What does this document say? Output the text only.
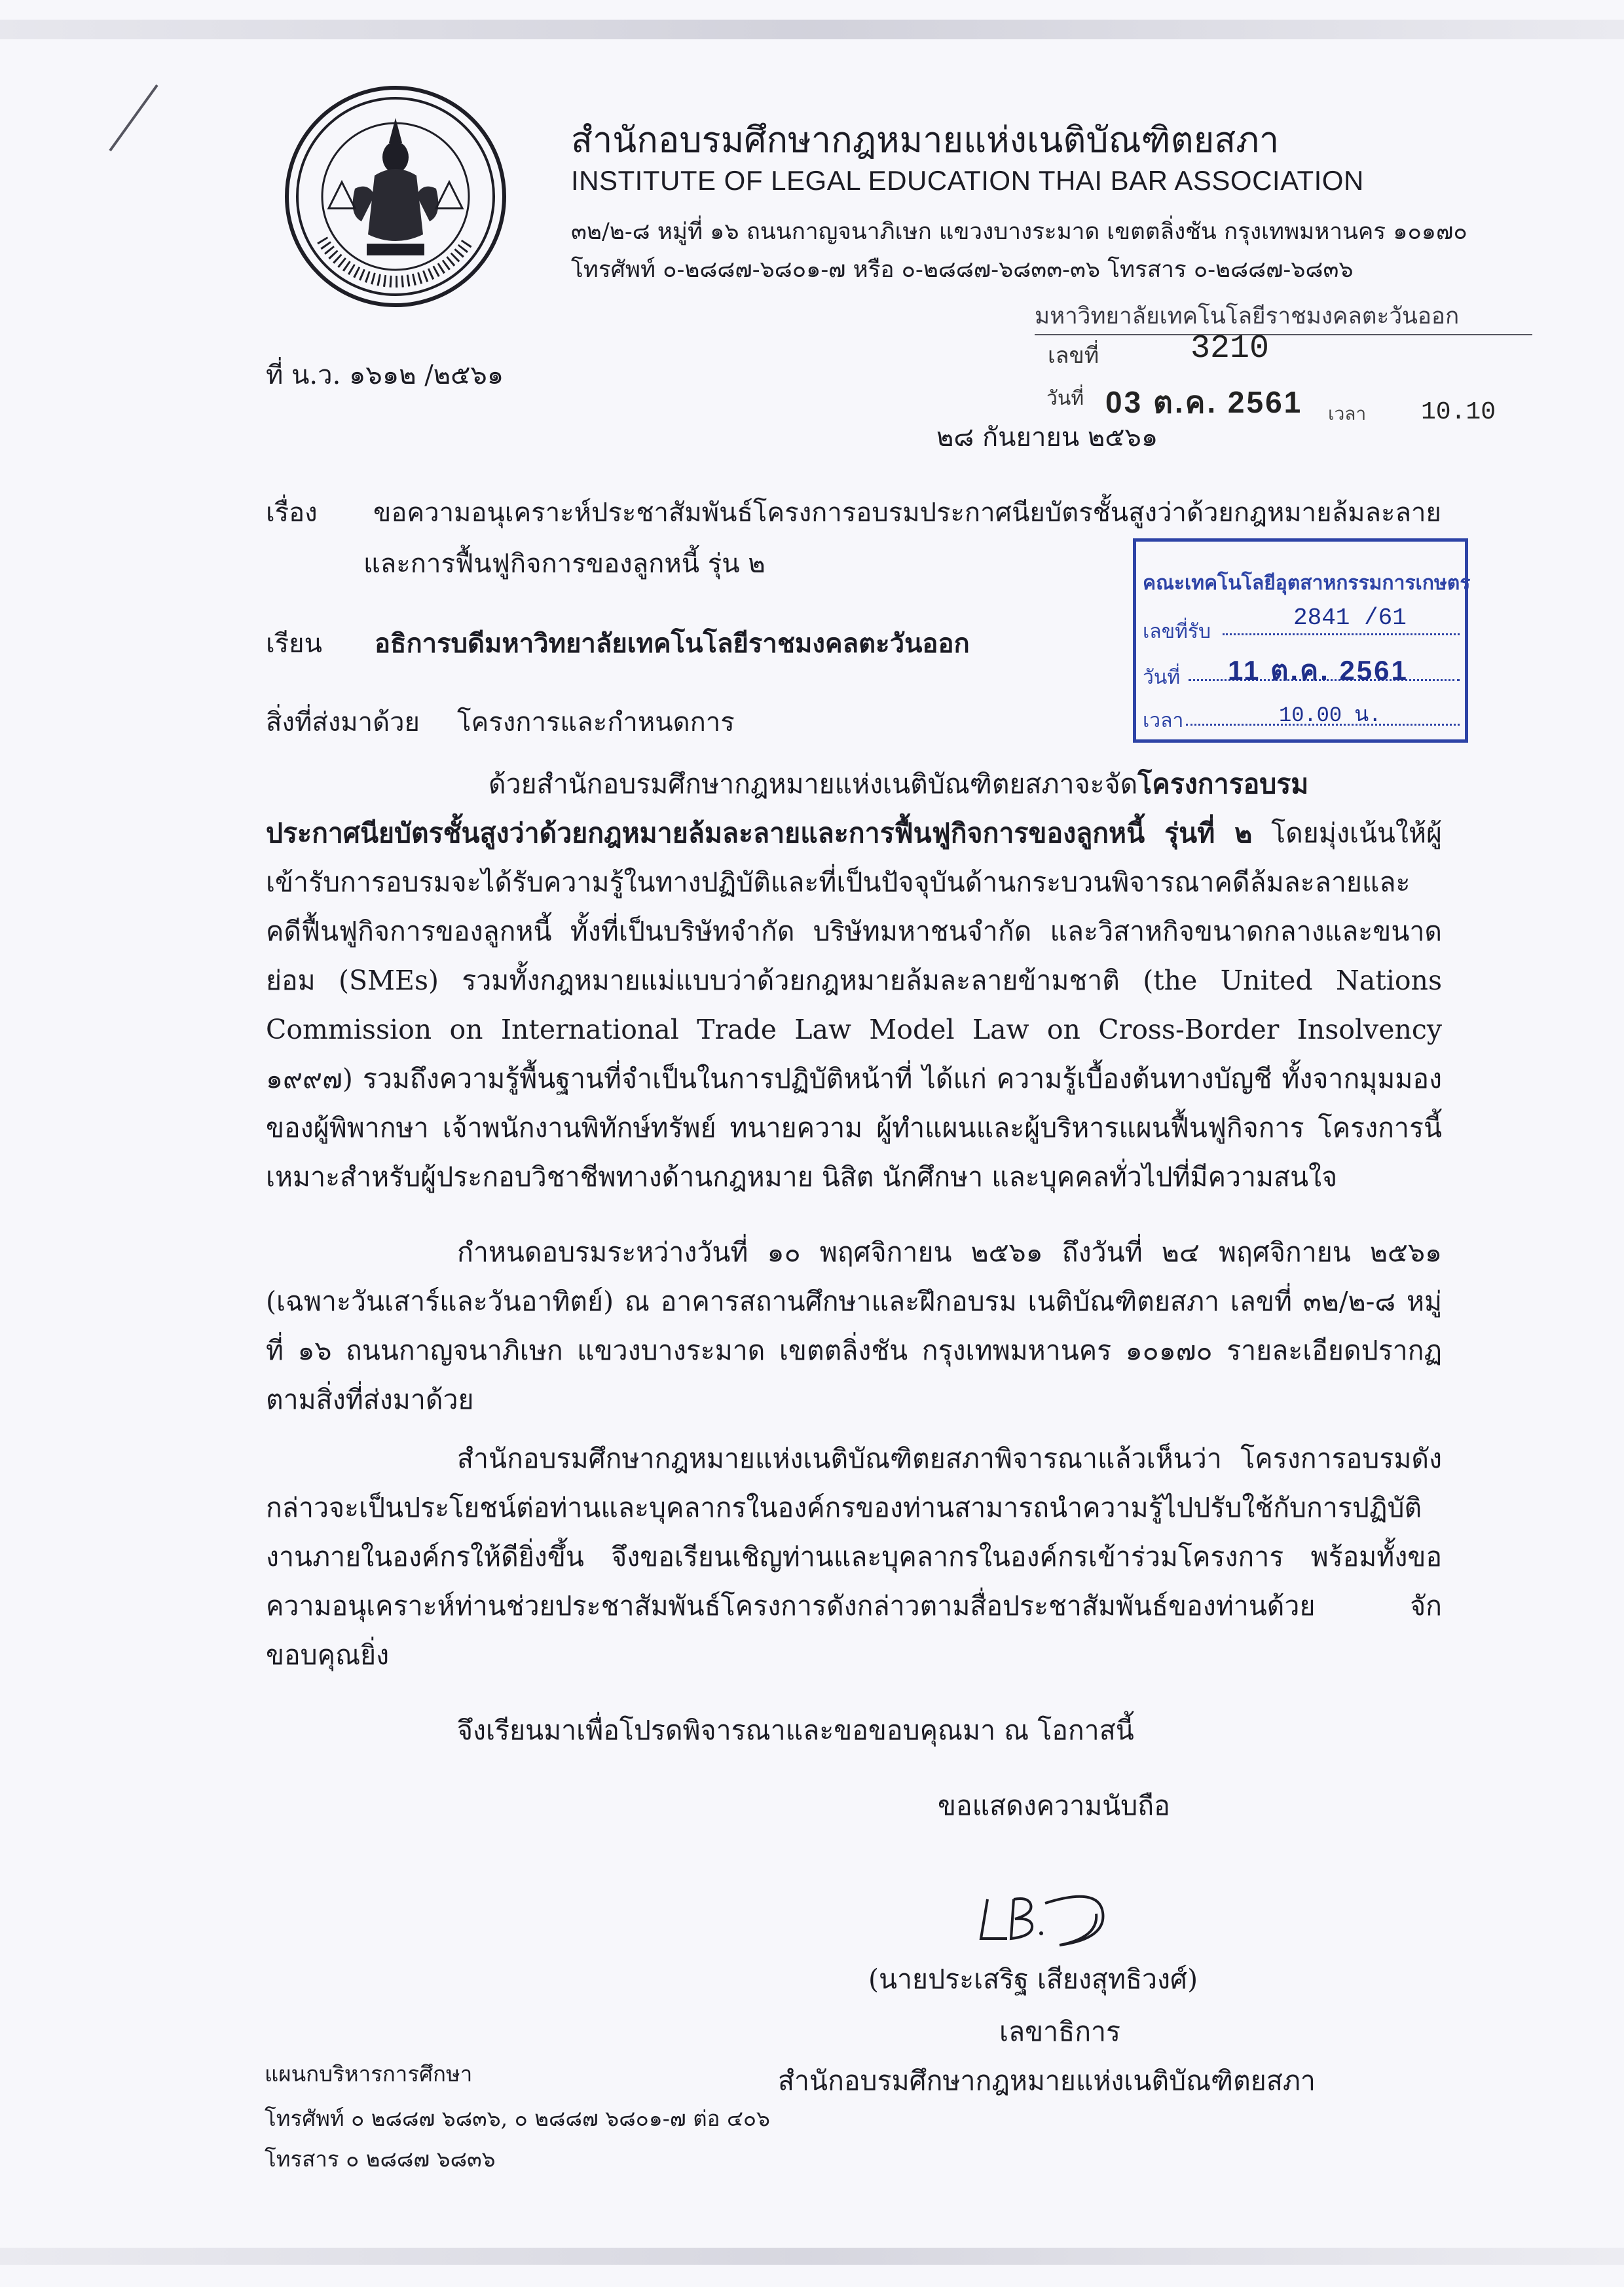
สำนักอบรมศึกษากฎหมายแห่งเนติบัณฑิตยสภา
INSTITUTE OF LEGAL EDUCATION THAI BAR ASSOCIATION
๓๒/๒-๘ หมู่ที่ ๑๖ ถนนกาญจนาภิเษก แขวงบางระมาด เขตตลิ่งชัน กรุงเทพมหานคร ๑๐๑๗๐
โทรศัพท์ ๐-๒๘๘๗-๖๘๐๑-๗ หรือ ๐-๒๘๘๗-๖๘๓๓-๓๖ โทรสาร ๐-๒๘๘๗-๖๘๓๖
มหาวิทยาลัยเทคโนโลยีราชมงคลตะวันออก
เลขที่	3210
วันที่ 03 ต.ค. 2561 เวลา 10.10
ที่ น.ว. ๑๖๑๒ /๒๕๖๑
๒๘ กันยายน ๒๕๖๑
เรื่อง ขอความอนุเคราะห์ประชาสัมพันธ์โครงการอบรมประกาศนียบัตรชั้นสูงว่าด้วยกฎหมายล้มละลาย
และการฟื้นฟูกิจการของลูกหนี้ รุ่น ๒
เรียน อธิการบดีมหาวิทยาลัยเทคโนโลยีราชมงคลตะวันออก
สิ่งที่ส่งมาด้วย โครงการและกำหนดการ
คณะเทคโนโลยีอุตสาหกรรมการเกษตร
เลขที่รับ
2841 /61
วันที่ 11 ต.ค. 2561
เวลา	10.00 น.
ด้วยสำนักอบรมศึกษากฎหมายแห่งเนติบัณฑิตยสภาจะจัดโครงการอบรมประกาศนียบัตรชั้นสูงว่าด้วยกฎหมายล้มละลายและการฟื้นฟูกิจการของลูกหนี้ รุ่นที่ ๒ โดยมุ่งเน้นให้ผู้เข้ารับการอบรมจะได้รับความรู้ในทางปฏิบัติและที่เป็นปัจจุบันด้านกระบวนพิจารณาคดีล้มละลายและคดีฟื้นฟูกิจการของลูกหนี้ ทั้งที่เป็นบริษัทจำกัด บริษัทมหาชนจำกัด และวิสาหกิจขนาดกลางและขนาดย่อม (SMEs) รวมทั้งกฎหมายแม่แบบว่าด้วยกฎหมายล้มละลายข้ามชาติ (the United Nations Commission on International Trade Law Model Law on Cross-Border Insolvency ๑๙๙๗) รวมถึงความรู้พื้นฐานที่จำเป็นในการปฏิบัติหน้าที่ ได้แก่ ความรู้เบื้องต้นทางบัญชี ทั้งจากมุมมองของผู้พิพากษา เจ้าพนักงานพิทักษ์ทรัพย์ ทนายความ ผู้ทำแผนและผู้บริหารแผนฟื้นฟูกิจการ โครงการนี้เหมาะสำหรับผู้ประกอบวิชาชีพทางด้านกฎหมาย นิสิต นักศึกษา และบุคคลทั่วไปที่มีความสนใจ
กำหนดอบรมระหว่างวันที่ ๑๐ พฤศจิกายน ๒๕๖๑ ถึงวันที่ ๒๔ พฤศจิกายน ๒๕๖๑ (เฉพาะวันเสาร์และวันอาทิตย์) ณ อาคารสถานศึกษาและฝึกอบรม เนติบัณฑิตยสภา เลขที่ ๓๒/๒-๘ หมู่ที่ ๑๖ ถนนกาญจนาภิเษก แขวงบางระมาด เขตตลิ่งชัน กรุงเทพมหานคร ๑๐๑๗๐ รายละเอียดปรากฏตามสิ่งที่ส่งมาด้วย
สำนักอบรมศึกษากฎหมายแห่งเนติบัณฑิตยสภาพิจารณาแล้วเห็นว่า โครงการอบรมดังกล่าวจะเป็นประโยชน์ต่อท่านและบุคลากรในองค์กรของท่านสามารถนำความรู้ไปปรับใช้กับการปฏิบัติงานภายในองค์กรให้ดียิ่งขึ้น จึงขอเรียนเชิญท่านและบุคลากรในองค์กรเข้าร่วมโครงการ พร้อมทั้งขอความอนุเคราะห์ท่านช่วยประชาสัมพันธ์โครงการดังกล่าวตามสื่อประชาสัมพันธ์ของท่านด้วย จักขอบคุณยิ่ง
จึงเรียนมาเพื่อโปรดพิจารณาและขอขอบคุณมา ณ โอกาสนี้
ขอแสดงความนับถือ
(นายประเสริฐ เสียงสุทธิวงศ์)
เลขาธิการ
สำนักอบรมศึกษากฎหมายแห่งเนติบัณฑิตยสภา
แผนกบริหารการศึกษา
โทรศัพท์ ๐ ๒๘๘๗ ๖๘๓๖, ๐ ๒๘๘๗ ๖๘๐๑-๗ ต่อ ๔๐๖
โทรสาร ๐ ๒๘๘๗ ๖๘๓๖
